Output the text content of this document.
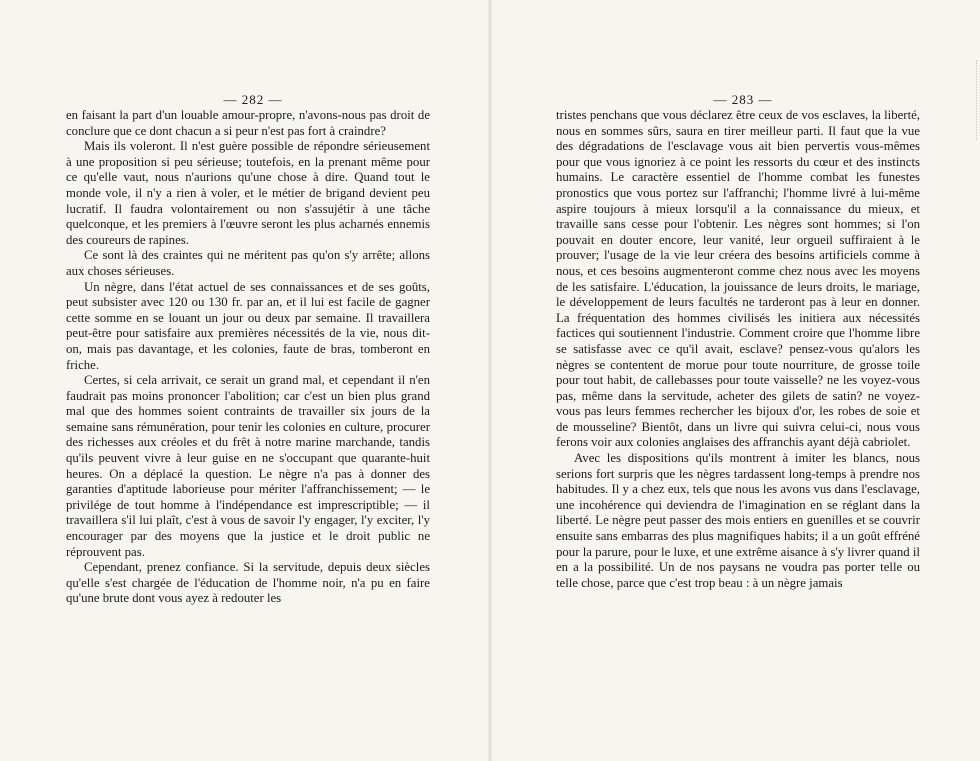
— 282 —

en faisant la part d'un louable amour-propre, n'avons-nous pas droit de conclure que ce dont chacun a si peur n'est pas fort à craindre?

Mais ils voleront. Il n'est guère possible de répondre sérieusement à une proposition si peu sérieuse; toutefois, en la prenant même pour ce qu'elle vaut, nous n'aurions qu'une chose à dire. Quand tout le monde vole, il n'y a rien à voler, et le métier de brigand devient peu lucratif. Il faudra volontairement ou non s'assujétir à une tâche quelconque, et les premiers à l'œuvre seront les plus acharnés ennemis des coureurs de rapines.

Ce sont là des craintes qui ne méritent pas qu'on s'y arrête; allons aux choses sérieuses.

Un nègre, dans l'état actuel de ses connaissances et de ses goûts, peut subsister avec 120 ou 130 fr. par an, et il lui est facile de gagner cette somme en se louant un jour ou deux par semaine. Il travaillera peut-être pour satisfaire aux premières nécessités de la vie, nous dit-on, mais pas davantage, et les colonies, faute de bras, tomberont en friche.

Certes, si cela arrivait, ce serait un grand mal, et cependant il n'en faudrait pas moins prononcer l'abolition; car c'est un bien plus grand mal que des hommes soient contraints de travailler six jours de la semaine sans rémunération, pour tenir les colonies en culture, procurer des richesses aux créoles et du frêt à notre marine marchande, tandis qu'ils peuvent vivre à leur guise en ne s'occupant que quarante-huit heures. On a déplacé la question. Le nègre n'a pas à donner des garanties d'aptitude laborieuse pour mériter l'affranchissement; — le privilége de tout homme à l'indépendance est imprescriptible; — il travaillera s'il lui plaît, c'est à vous de savoir l'y engager, l'y exciter, l'y encourager par des moyens que la justice et le droit public ne réprouvent pas.

Cependant, prenez confiance. Si la servitude, depuis deux siècles qu'elle s'est chargée de l'éducation de l'homme noir, n'a pu en faire qu'une brute dont vous ayez à redouter les

— 283 —

tristes penchans que vous déclarez être ceux de vos esclaves, la liberté, nous en sommes sûrs, saura en tirer meilleur parti. Il faut que la vue des dégradations de l'esclavage vous ait bien pervertis vous-mêmes pour que vous ignoriez à ce point les ressorts du cœur et des instincts humains. Le caractère essentiel de l'homme combat les funestes pronostics que vous portez sur l'affranchi; l'homme livré à lui-même aspire toujours à mieux lorsqu'il a la connaissance du mieux, et travaille sans cesse pour l'obtenir. Les nègres sont hommes; si l'on pouvait en douter encore, leur vanité, leur orgueil suffiraient à le prouver; l'usage de la vie leur créera des besoins artificiels comme à nous, et ces besoins augmenteront comme chez nous avec les moyens de les satisfaire. L'éducation, la jouissance de leurs droits, le mariage, le développement de leurs facultés ne tarderont pas à leur en donner. La fréquentation des hommes civilisés les initiera aux nécessités factices qui soutiennent l'industrie. Comment croire que l'homme libre se satisfasse avec ce qu'il avait, esclave? pensez-vous qu'alors les nègres se contentent de morue pour toute nourriture, de grosse toile pour tout habit, de callebasses pour toute vaisselle? ne les voyez-vous pas, même dans la servitude, acheter des gilets de satin? ne voyez-vous pas leurs femmes rechercher les bijoux d'or, les robes de soie et de mousseline? Bientôt, dans un livre qui suivra celui-ci, nous vous ferons voir aux colonies anglaises des affranchis ayant déjà cabriolet.

Avec les dispositions qu'ils montrent à imiter les blancs, nous serions fort surpris que les nègres tardassent long-temps à prendre nos habitudes. Il y a chez eux, tels que nous les avons vus dans l'esclavage, une incohérence qui deviendra de l'imagination en se réglant dans la liberté. Le nègre peut passer des mois entiers en guenilles et se couvrir ensuite sans embarras des plus magnifiques habits; il a un goût effréné pour la parure, pour le luxe, et une extrême aisance à s'y livrer quand il en a la possibilité. Un de nos paysans ne voudra pas porter telle ou telle chose, parce que c'est trop beau : à un nègre jamais
